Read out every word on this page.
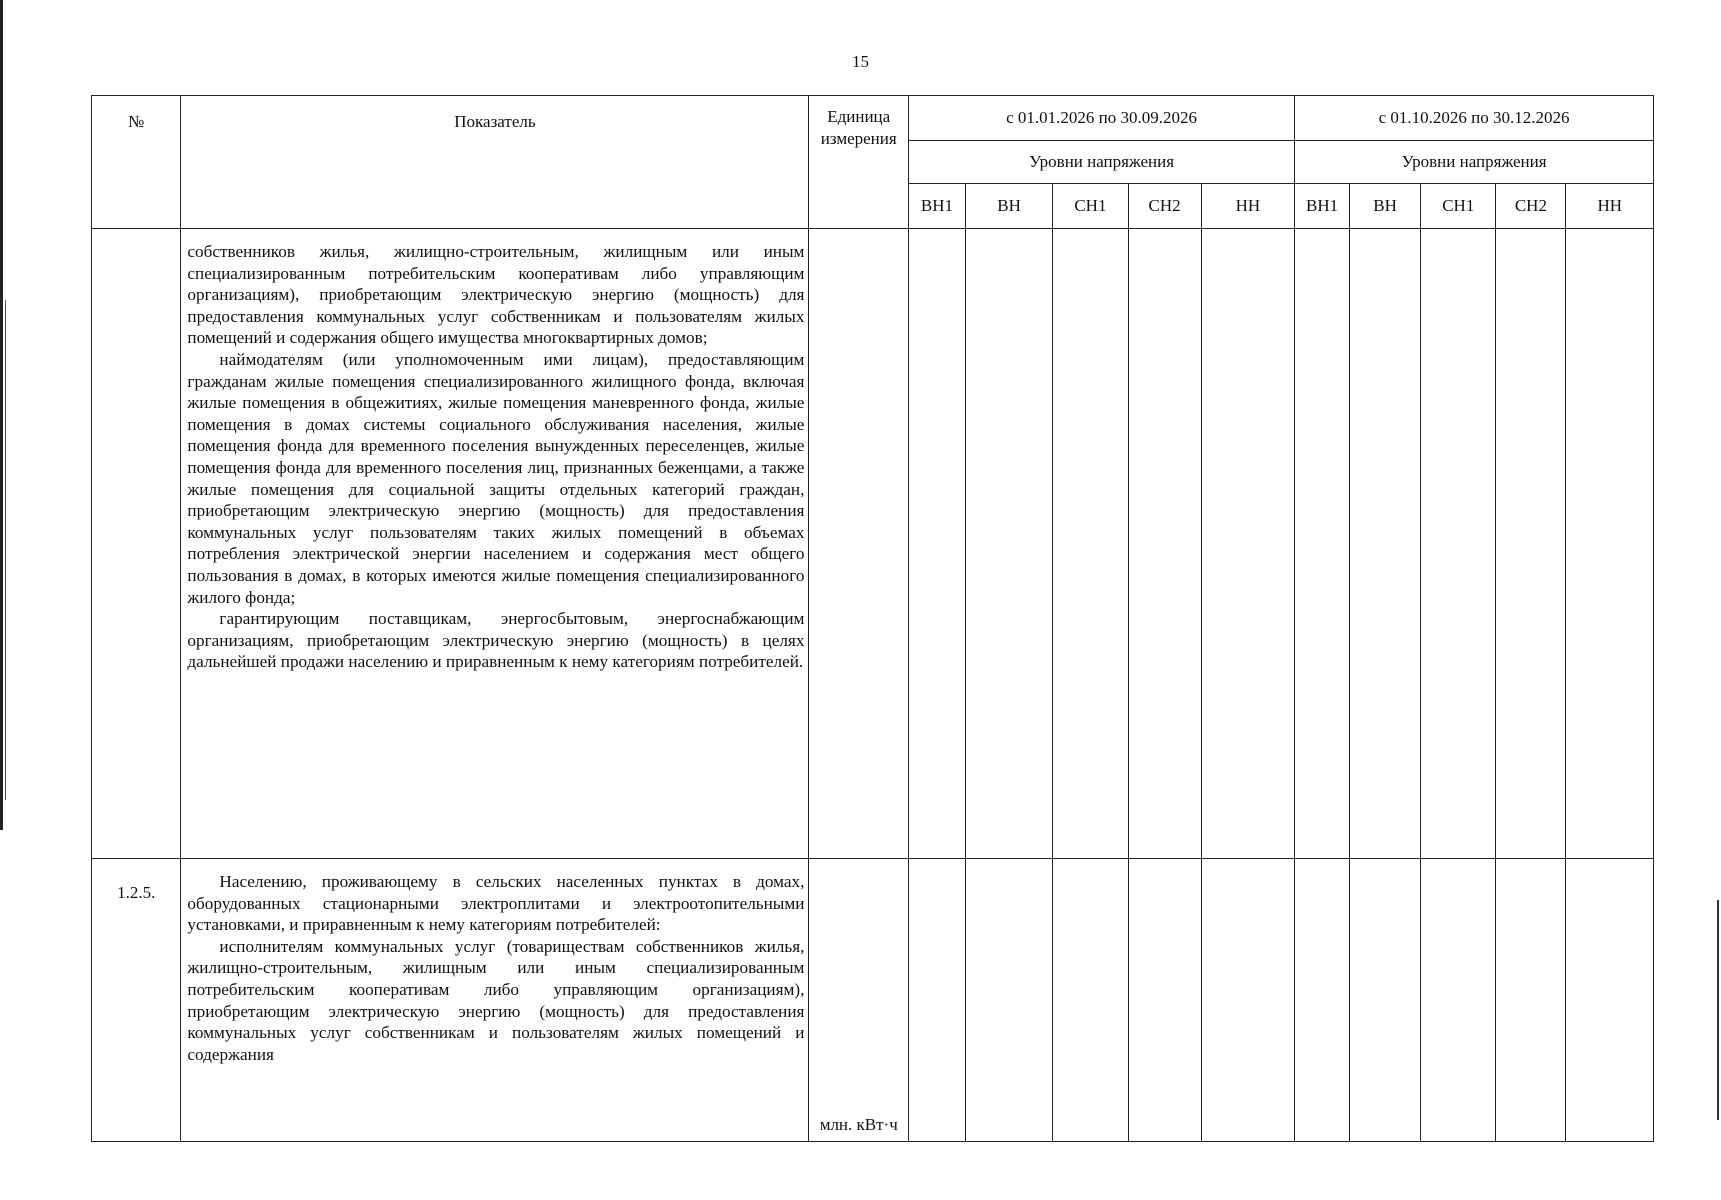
15
№	Показатель	Единица измерения	с 01.01.2026 по 30.09.2026					с 01.10.2026 по 30.12.2026				
			Уровни напряжения					Уровни напряжения				
			ВН1	ВН	СН1	СН2	НН	ВН1	ВН	СН1	СН2	НН

	собственников жилья, жилищно-строительным, жилищным или иным специализированным потребительским кооперативам либо управляющим организациям), приобретающим электрическую энергию (мощность) для предоставления коммунальных услуг собственникам и пользователям жилых помещений и содержания общего имущества многоквартирных домов;

наймодателям (или уполномоченным ими лицам), предоставляющим гражданам жилые помещения специализированного жилищного фонда, включая жилые помещения в общежитиях, жилые помещения маневренного фонда, жилые помещения в домах системы социального обслуживания населения, жилые помещения фонда для временного поселения вынужденных переселенцев, жилые помещения фонда для временного поселения лиц, признанных беженцами, а также жилые помещения для социальной защиты отдельных категорий граждан, приобретающим электрическую энергию (мощность) для предоставления коммунальных услуг пользователям таких жилых помещений в объемах потребления электрической энергии населением и содержания мест общего пользования в домах, в которых имеются жилые помещения специализированного жилого фонда;

гарантирующим поставщикам, энергосбытовым, энергоснабжающим организациям, приобретающим электрическую энергию (мощность) в целях дальнейшей продажи населению и приравненным к нему категориям потребителей.											

1.2.5.	Населению, проживающему в сельских населенных пунктах в домах, оборудованных стационарными электроплитами и электроотопительными установками, и приравненным к нему категориям потребителей:

исполнителям коммунальных услуг (товариществам собственников жилья, жилищно-строительным, жилищным или иным специализированным потребительским кооперативам либо управляющим организациям), приобретающим электрическую энергию (мощность) для предоставления коммунальных услуг собственникам и пользователям жилых помещений и содержания	млн. кВт·ч										
